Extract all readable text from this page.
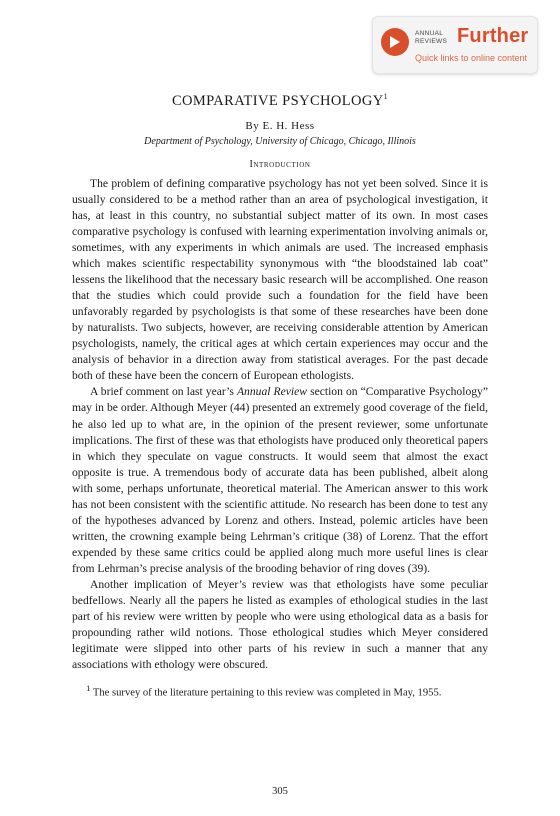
ANNUAL REVIEWS Further
Quick links to online content
COMPARATIVE PSYCHOLOGY$^1$
By E. H. Hess
Department of Psychology, University of Chicago, Chicago, Illinois
Introduction

The problem of defining comparative psychology has not yet been solved. Since it is usually considered to be a method rather than an area of psychological investigation, it has, at least in this country, no substantial subject matter of its own. In most cases comparative psychology is confused with learning experimentation involving animals or, sometimes, with any experiments in which animals are used. The increased emphasis which makes scientific respectability synonymous with “the bloodstained lab coat” lessens the likelihood that the necessary basic research will be accomplished. One reason that the studies which could provide such a foundation for the field have been unfavorably regarded by psychologists is that some of these researches have been done by naturalists. Two subjects, however, are receiving considerable attention by American psychologists, namely, the critical ages at which certain experiences may occur and the analysis of behavior in a direction away from statistical averages. For the past decade both of these have been the concern of European ethologists.

A brief comment on last year’s Annual Review section on “Comparative Psychology” may in be order. Although Meyer (44) presented an extremely good coverage of the field, he also led up to what are, in the opinion of the present reviewer, some unfortunate implications. The first of these was that ethologists have produced only theoretical papers in which they speculate on vague constructs. It would seem that almost the exact opposite is true. A tremendous body of accurate data has been published, albeit along with some, perhaps unfortunate, theoretical material. The American answer to this work has not been consistent with the scientific attitude. No research has been done to test any of the hypotheses advanced by Lorenz and others. Instead, polemic articles have been written, the crowning example being Lehrman’s critique (38) of Lorenz. That the effort expended by these same critics could be applied along much more useful lines is clear from Lehrman’s precise analysis of the brooding behavior of ring doves (39).

Another implication of Meyer’s review was that ethologists have some peculiar bedfellows. Nearly all the papers he listed as examples of ethological studies in the last part of his review were written by people who were using ethological data as a basis for propounding rather wild notions. Those ethological studies which Meyer considered legitimate were slipped into other parts of his review in such a manner that any associations with ethology were obscured.

$^1$ The survey of the literature pertaining to this review was completed in May, 1955.
305
